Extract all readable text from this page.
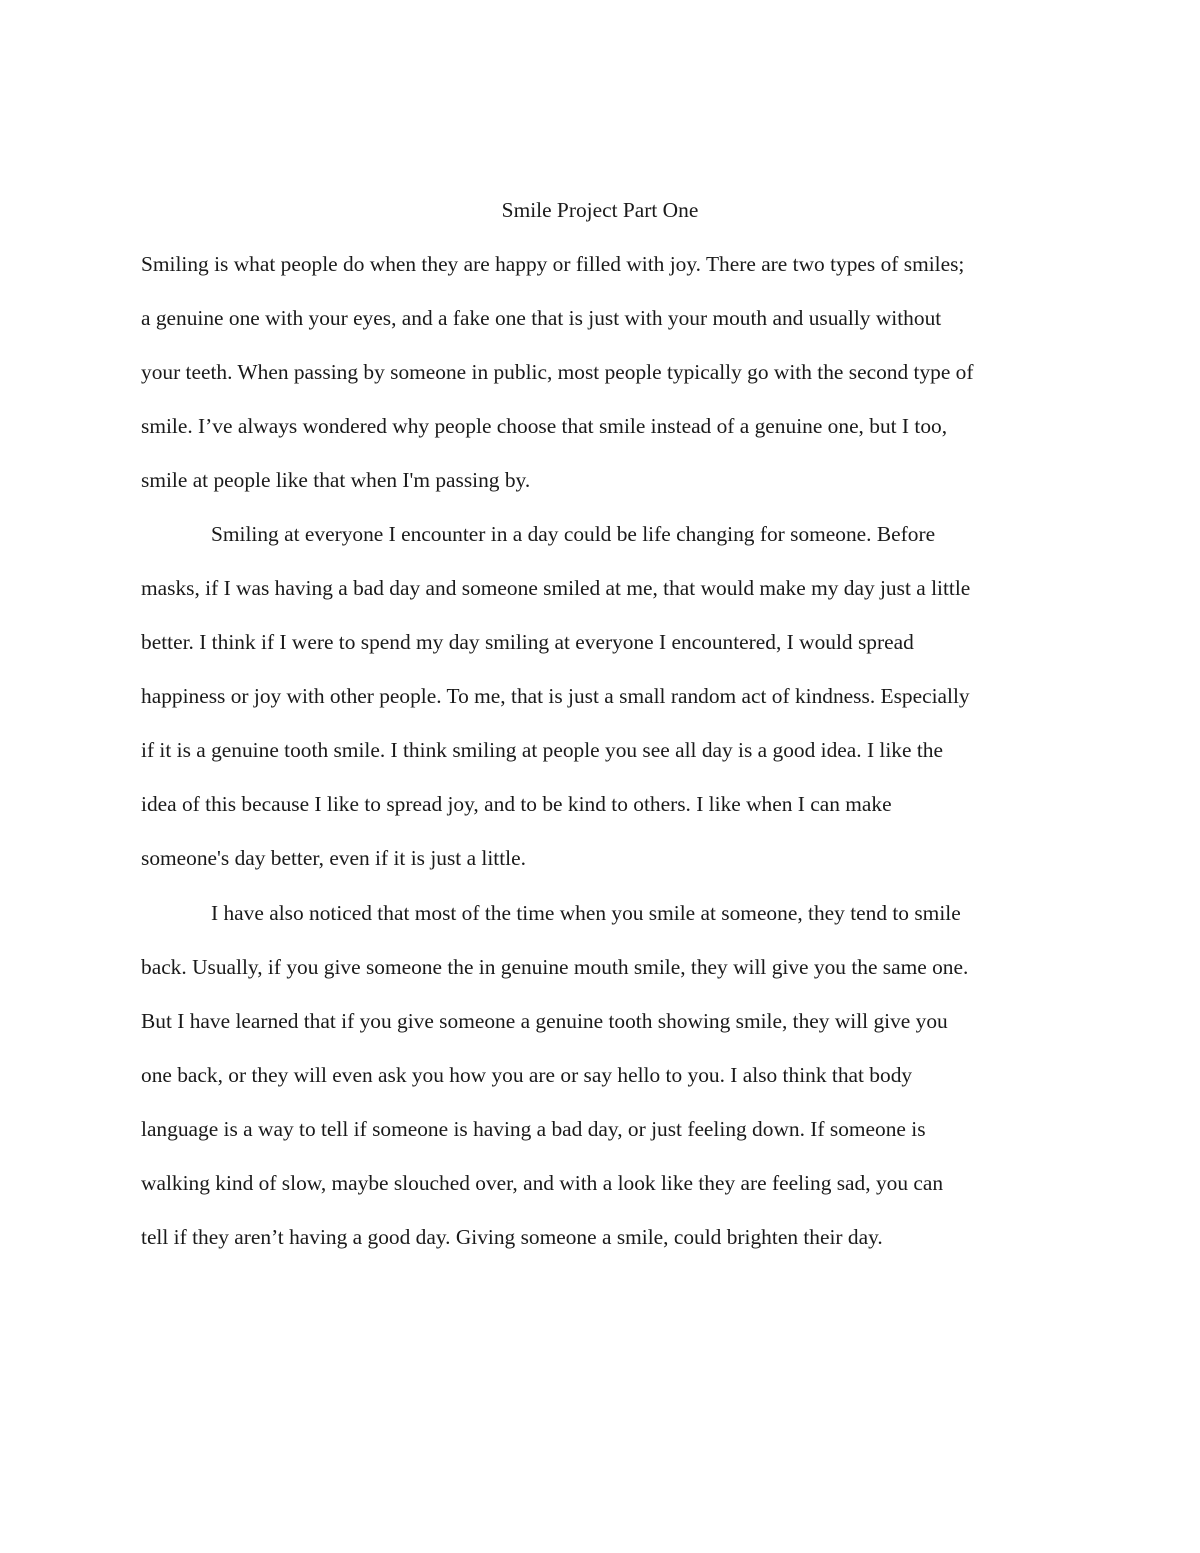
Smile Project Part One

Smiling is what people do when they are happy or filled with joy. There are two types of smiles;

a genuine one with your eyes, and a fake one that is just with your mouth and usually without

your teeth. When passing by someone in public, most people typically go with the second type of

smile. I’ve always wondered why people choose that smile instead of a genuine one, but I too,

smile at people like that when I'm passing by.

Smiling at everyone I encounter in a day could be life changing for someone. Before

masks, if I was having a bad day and someone smiled at me, that would make my day just a little

better. I think if I were to spend my day smiling at everyone I encountered, I would spread

happiness or joy with other people. To me, that is just a small random act of kindness. Especially

if it is a genuine tooth smile. I think smiling at people you see all day is a good idea. I like the

idea of this because I like to spread joy, and to be kind to others. I like when I can make

someone's day better, even if it is just a little.

I have also noticed that most of the time when you smile at someone, they tend to smile

back. Usually, if you give someone the in genuine mouth smile, they will give you the same one.

But I have learned that if you give someone a genuine tooth showing smile, they will give you

one back, or they will even ask you how you are or say hello to you. I also think that body

language is a way to tell if someone is having a bad day, or just feeling down. If someone is

walking kind of slow, maybe slouched over, and with a look like they are feeling sad, you can

tell if they aren’t having a good day. Giving someone a smile, could brighten their day.
